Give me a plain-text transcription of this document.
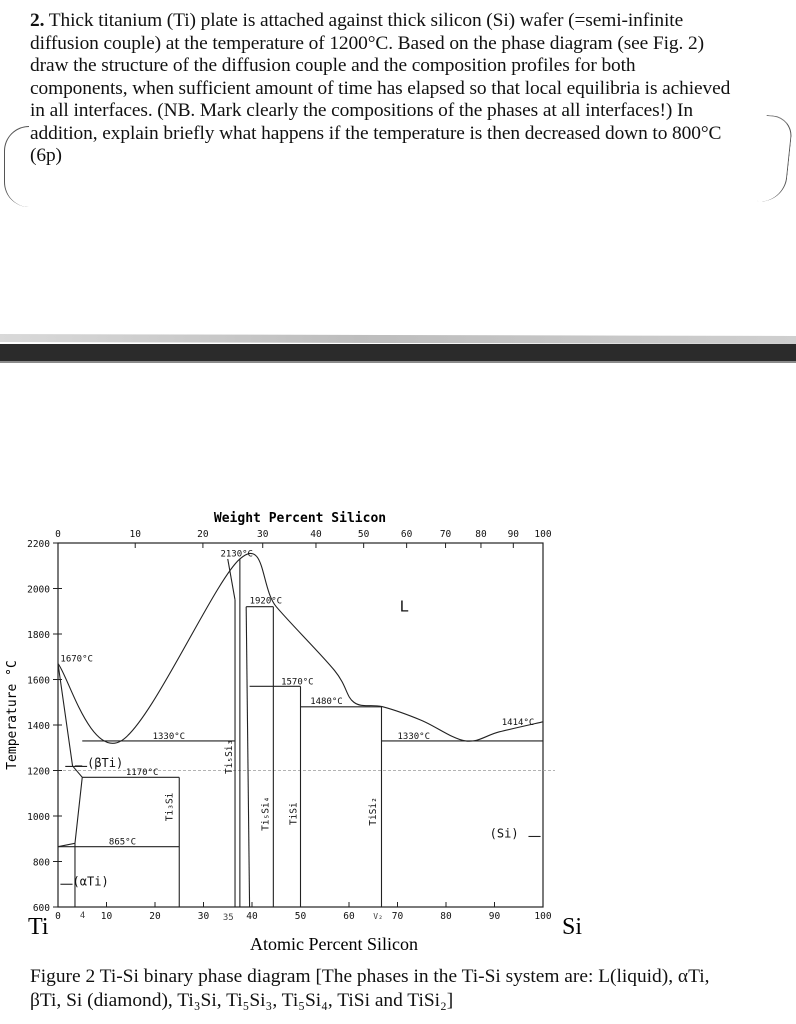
2. Thick titanium (Ti) plate is attached against thick silicon (Si) wafer (=semi-infinite
diffusion couple) at the temperature of 1200°C. Based on the phase diagram (see Fig. 2)
draw the structure of the diffusion couple and the composition profiles for both
components, when sufficient amount of time has elapsed so that local equilibria is achieved
in all interfaces. (NB. Mark clearly the compositions of the phases at all interfaces!) In
addition, explain briefly what happens if the temperature is then decreased down to 800°C
(6p)
600
800
1000
1200
1400
1600
1800
2000
2200
0	10	20	30	40	50	60	70	80	90	100
0	10	20	30	40	50	60	70	80 90 100
L
(βTi)
(αTi)
(Si)
Ti₃Si
Ti₅Si₃
Ti₅Si₄ TiSi	TiSi₂
2130°C
1920°C
1670°C
1570°C
1480°C
1414°C
1330°C	1330°C
1170°C
865°C
4	35	V₂
Weight Percent Silicon
Temperature °C
Atomic Percent Silicon
Ti	Si
Figure 2 Ti-Si binary phase diagram [The phases in the Ti-Si system are: L(liquid), αTi,
βTi, Si (diamond), Ti₃Si, Ti₅Si₃, Ti₅Si₄, TiSi and TiSi₂]
